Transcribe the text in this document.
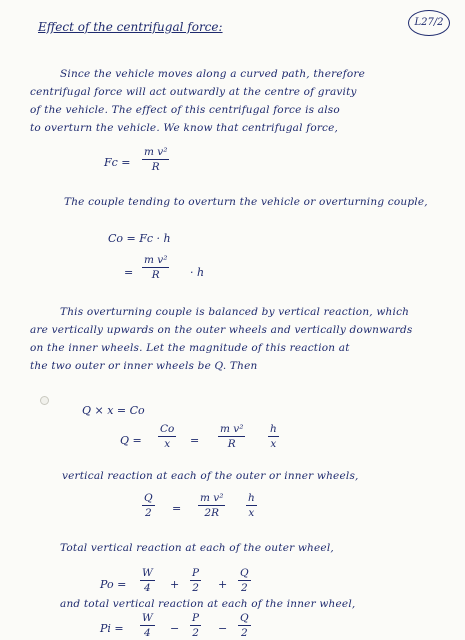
L27/2
Effect of the centrifugal force:
Since the vehicle moves along a curved path, therefore
centrifugal force will act outwardly at the centre of gravity
of the vehicle. The effect of this centrifugal force is also
to overturn the vehicle. We know that centrifugal force,
$Fc = \frac{\text{m v²}}{R}$
The couple tending to overturn the vehicle or overturning couple,
Co = Fc · h
= $\frac{\text{m v²}}{R} \cdot h$
This overturning couple is balanced by vertical reaction, which
are vertically upwards on the outer wheels and vertically downwards
on the inner wheels. Let the magnitude of this reaction at
the two outer or inner wheels be Q. Then
Q × x = Co
$Q = \frac{Co}{x} = \frac{\text{m v²}}{R} \frac{h}{x}$
vertical reaction at each of the outer or inner wheels,
$\frac{Q}{2} = \frac{\text{m v²}}{2R} \frac{h}{x}$
Total vertical reaction at each of the outer wheel,
$Po = \frac{W}{4} + \frac{P}{2} + \frac{Q}{2}$
and total vertical reaction at each of the inner wheel,
$Pi = \frac{W}{4} - \frac{P}{2} - \frac{Q}{2}$
